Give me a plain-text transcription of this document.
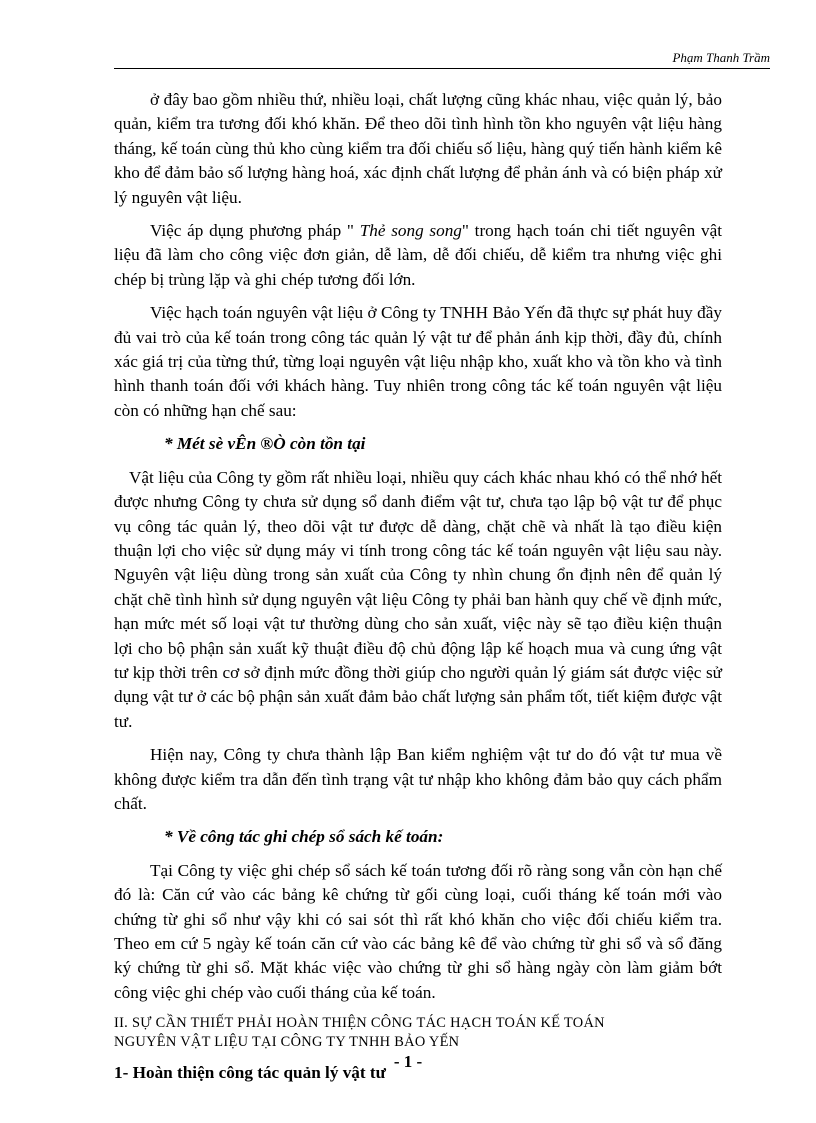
Phạm Thanh Trầm

ở đây bao gồm nhiều thứ, nhiều loại, chất lượng cũng khác nhau, việc quản lý, bảo quản, kiểm tra tương đối khó khăn. Để theo dõi tình hình tồn kho nguyên vật liệu hàng tháng, kế toán cùng thủ kho cùng kiểm tra đối chiếu số liệu, hàng quý tiến hành kiểm kê kho để đảm bảo số lượng hàng hoá, xác định chất lượng để phản ánh và có biện pháp xử lý nguyên vật liệu.

Việc áp dụng phương pháp " Thẻ song song" trong hạch toán chi tiết nguyên vật liệu đã làm cho công việc đơn giản, dễ làm, dễ đối chiếu, dễ kiểm tra nhưng việc ghi chép bị trùng lặp và ghi chép tương đối lớn.

Việc hạch toán nguyên vật liệu ở Công ty TNHH Bảo Yến đã thực sự phát huy đầy đủ vai trò của kế toán trong công tác quản lý vật tư để phản ánh kịp thời, đầy đủ, chính xác giá trị của từng thứ, từng loại nguyên vật liệu nhập kho, xuất kho và tồn kho và tình hình thanh toán đối với khách hàng. Tuy nhiên trong công tác kế toán nguyên vật liệu còn có những hạn chế sau:

* Mét sè vÊn ®Ò còn tồn tại

Vật liệu của Công ty gồm rất nhiều loại, nhiều quy cách khác nhau khó có thể nhớ hết được nhưng Công ty chưa sử dụng sổ danh điểm vật tư, chưa tạo lập bộ vật tư để phục vụ công tác quản lý, theo dõi vật tư được dễ dàng, chặt chẽ và nhất là tạo điều kiện thuận lợi cho việc sử dụng máy vi tính trong công tác kế toán nguyên vật liệu sau này. Nguyên vật liệu dùng trong sản xuất của Công ty nhìn chung ổn định nên để quản lý chặt chẽ tình hình sử dụng nguyên vật liệu Công ty phải ban hành quy chế về định mức, hạn mức mét số loại vật tư thường dùng cho sản xuất, việc này sẽ tạo điều kiện thuận lợi cho bộ phận sản xuất kỹ thuật điều độ chủ động lập kế hoạch mua và cung ứng vật tư kịp thời trên cơ sở định mức đồng thời giúp cho người quản lý giám sát được việc sử dụng vật tư ở các bộ phận sản xuất đảm bảo chất lượng sản phẩm tốt, tiết kiệm được vật tư.

Hiện nay, Công ty chưa thành lập Ban kiểm nghiệm vật tư do đó vật tư mua về không được kiểm tra dẫn đến tình trạng vật tư nhập kho không đảm bảo quy cách phẩm chất.

* Về công tác ghi chép sổ sách kế toán:

Tại Công ty việc ghi chép sổ sách kế toán tương đối rõ ràng song vẫn còn hạn chế đó là: Căn cứ vào các bảng kê chứng từ gối cùng loại, cuối tháng kế toán mới vào chứng từ ghi sổ như vậy khi có sai sót thì rất khó khăn cho việc đối chiếu kiểm tra. Theo em cứ 5 ngày kế toán căn cứ vào các bảng kê để vào chứng từ ghi sổ và sổ đăng ký chứng từ ghi sổ. Mặt khác việc vào chứng từ ghi sổ hàng ngày còn làm giảm bớt công việc ghi chép vào cuối tháng của kế toán.

II. SỰ CẦN THIẾT PHẢI HOÀN THIỆN CÔNG TÁC HẠCH TOÁN KẾ TOÁN
NGUYÊN VẬT LIỆU TẠI CÔNG TY TNHH BẢO YẾN

1- Hoàn thiện công tác quản lý vật tư

- 1 -
